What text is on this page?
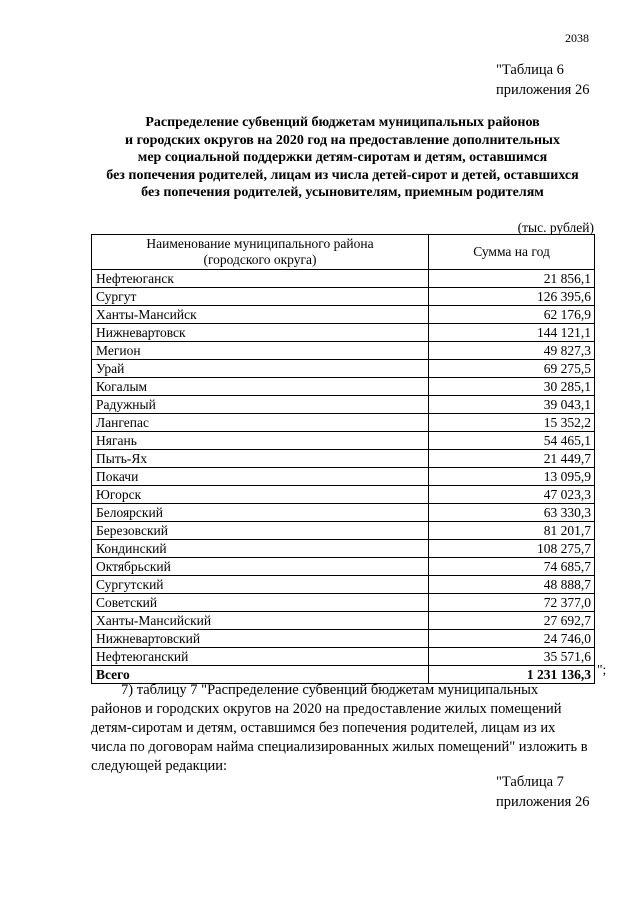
2038
"Таблица 6
приложения 26
Распределение субвенций бюджетам муниципальных районов
и городских округов на 2020 год на предоставление дополнительных
мер социальной поддержки детям-сиротам и детям, оставшимся
без попечения родителей, лицам из числа детей-сирот и детей, оставшихся
без попечения родителей, усыновителям, приемным родителям
(тыс. рублей)
Наименование муниципального района
(городского округа)	Сумма на год
Нефтеюганск	21 856,1
Сургут	126 395,6
Ханты-Мансийск	62 176,9
Нижневартовск	144 121,1
Мегион	49 827,3
Урай	69 275,5
Когалым	30 285,1
Радужный	39 043,1
Лангепас	15 352,2
Нягань	54 465,1
Пыть-Ях	21 449,7
Покачи	13 095,9
Югорск	47 023,3
Белоярский	63 330,3
Березовский	81 201,7
Кондинский	108 275,7
Октябрьский	74 685,7
Сургутский	48 888,7
Советский	72 377,0
Ханты-Мансийский	27 692,7
Нижневартовский	24 746,0
Нефтеюганский	35 571,6
Всего	1 231 136,3 ";
7) таблицу 7 "Распределение субвенций бюджетам муниципальных
районов и городских округов на 2020 на предоставление жилых помещений
детям-сиротам и детям, оставшимся без попечения родителей, лицам из их
числа по договорам найма специализированных жилых помещений" изложить в
следующей редакции:
"Таблица 7
приложения 26
